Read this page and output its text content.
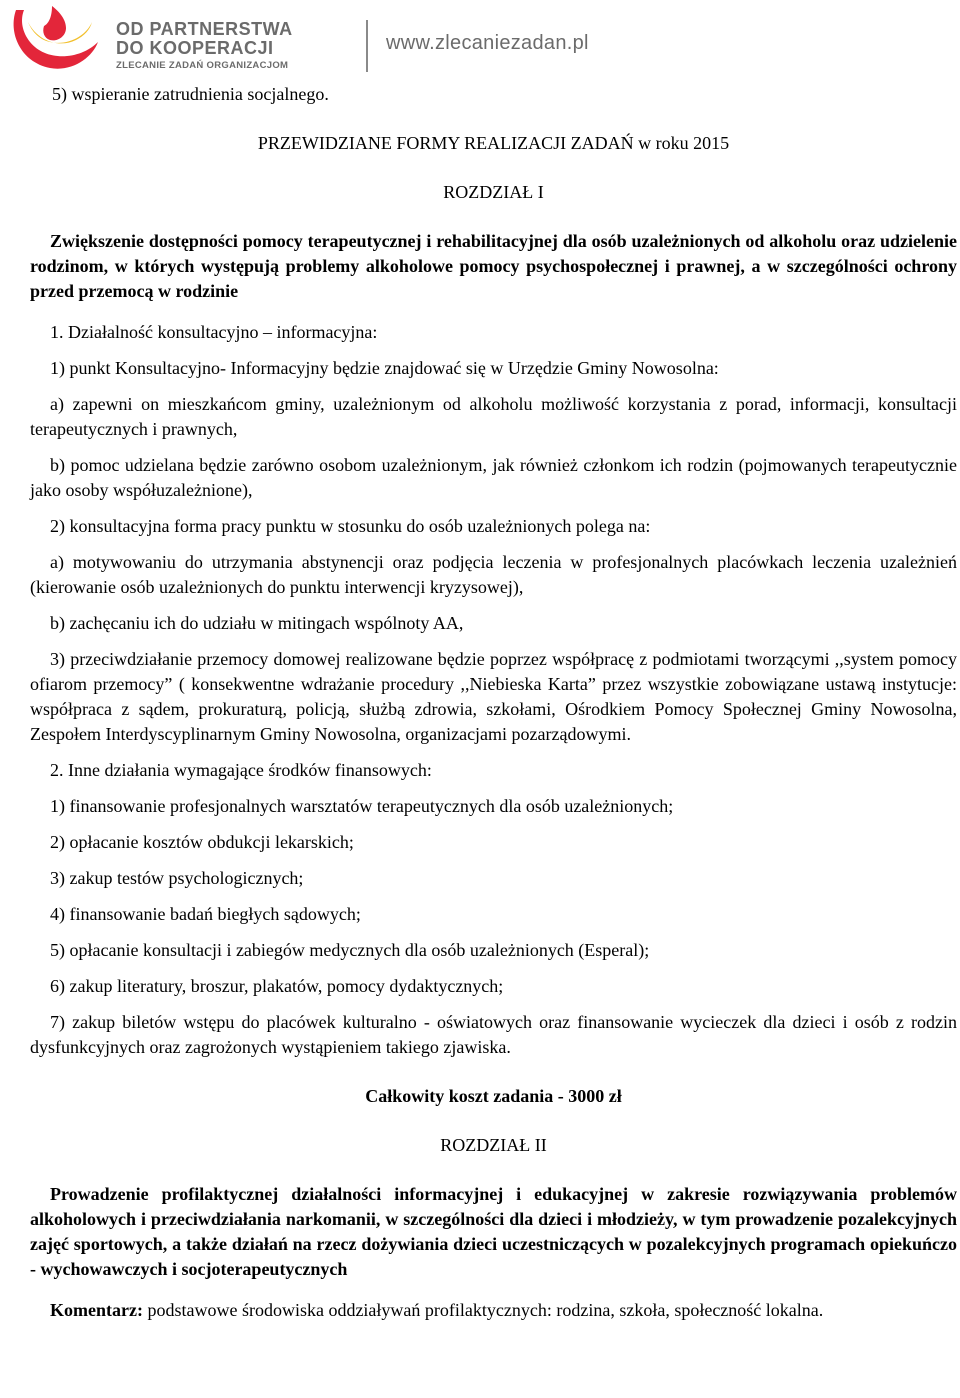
OD PARTNERSTWA
DO KOOPERACJI
ZLECANIE ZADAŃ ORGANIZACJOM
www.zlecaniezadan.pl

5) wspieranie zatrudnienia socjalnego.

PRZEWIDZIANE FORMY REALIZACJI ZADAŃ w roku 2015

ROZDZIAŁ I

Zwiększenie dostępności pomocy terapeutycznej i rehabilitacyjnej dla osób uzależnionych od alkoholu oraz udzielenie rodzinom, w których występują problemy alkoholowe pomocy psychospołecznej i prawnej, a w szczególności ochrony przed przemocą w rodzinie

1. Działalność konsultacyjno – informacyjna:

1) punkt Konsultacyjno- Informacyjny będzie znajdować się w Urzędzie Gminy Nowosolna:

a) zapewni on mieszkańcom gminy, uzależnionym od alkoholu możliwość korzystania z porad, informacji, konsultacji terapeutycznych i prawnych,

b) pomoc udzielana będzie zarówno osobom uzależnionym, jak również członkom ich rodzin (pojmowanych terapeutycznie jako osoby współuzależnione),

2) konsultacyjna forma pracy punktu w stosunku do osób uzależnionych polega na:

a) motywowaniu do utrzymania abstynencji oraz podjęcia leczenia w profesjonalnych placówkach leczenia uzależnień (kierowanie osób uzależnionych do punktu interwencji kryzysowej),

b) zachęcaniu ich do udziału w mitingach wspólnoty AA,

3) przeciwdziałanie przemocy domowej realizowane będzie poprzez współpracę z podmiotami tworzącymi ,,system pomocy ofiarom przemocy” ( konsekwentne wdrażanie procedury ,,Niebieska Karta” przez wszystkie zobowiązane ustawą instytucje: współpraca z sądem, prokuraturą, policją, służbą zdrowia, szkołami, Ośrodkiem Pomocy Społecznej Gminy Nowosolna, Zespołem Interdyscyplinarnym Gminy Nowosolna, organizacjami pozarządowymi.

2. Inne działania wymagające środków finansowych:

1) finansowanie profesjonalnych warsztatów terapeutycznych dla osób uzależnionych;

2) opłacanie kosztów obdukcji lekarskich;

3) zakup testów psychologicznych;

4) finansowanie badań biegłych sądowych;

5) opłacanie konsultacji i zabiegów medycznych dla osób uzależnionych (Esperal);

6) zakup literatury, broszur, plakatów, pomocy dydaktycznych;

7) zakup biletów wstępu do placówek kulturalno - oświatowych oraz finansowanie wycieczek dla dzieci i osób z rodzin dysfunkcyjnych oraz zagrożonych wystąpieniem takiego zjawiska.

Całkowity koszt zadania - 3000 zł

ROZDZIAŁ II

Prowadzenie profilaktycznej działalności informacyjnej i edukacyjnej w zakresie rozwiązywania problemów alkoholowych i przeciwdziałania narkomanii, w szczególności dla dzieci i młodzieży, w tym prowadzenie pozalekcyjnych zajęć sportowych, a także działań na rzecz dożywiania dzieci uczestniczących w pozalekcyjnych programach opiekuńczo - wychowawczych i socjoterapeutycznych

Komentarz: podstawowe środowiska oddziaływań profilaktycznych: rodzina, szkoła, społeczność lokalna.
